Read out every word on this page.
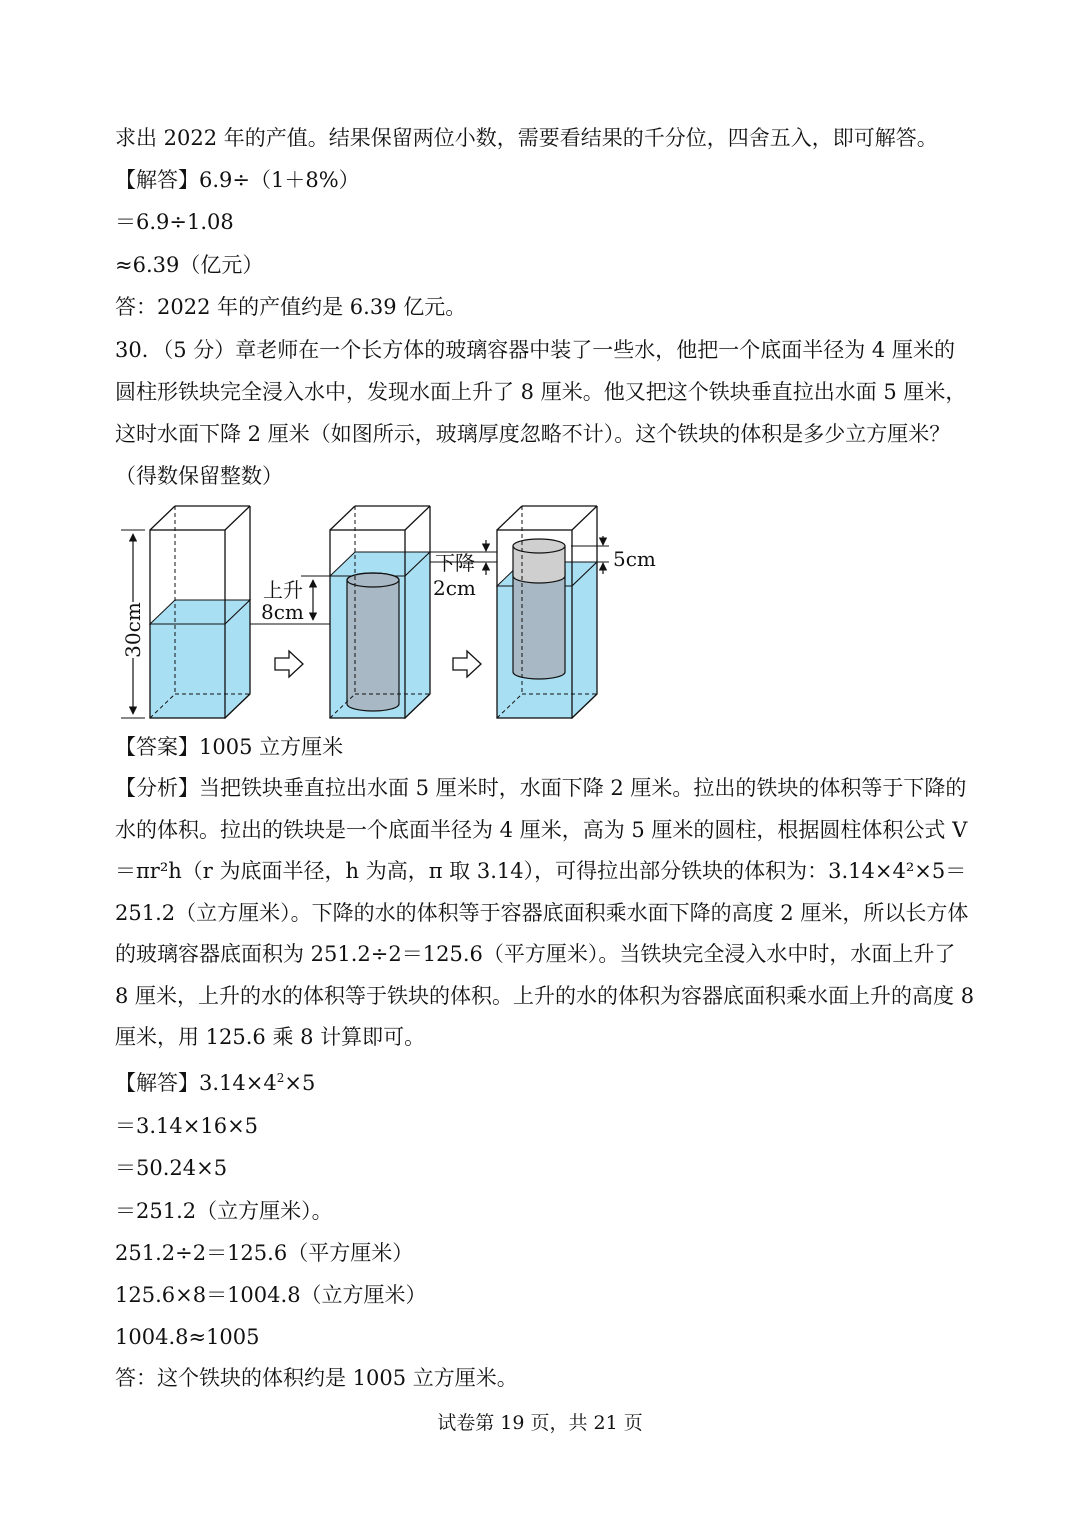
求出 2022 年的产值。结果保留两位小数，需要看结果的千分位，四舍五入，即可解答。
【解答】6.9÷（1＋8%）
＝6.9÷1.08
≈6.39（亿元）
答：2022 年的产值约是 6.39 亿元。
30．（5 分）章老师在一个长方体的玻璃容器中装了一些水，他把一个底面半径为 4 厘米的
圆柱形铁块完全浸入水中，发现水面上升了 8 厘米。他又把这个铁块垂直拉出水面 5 厘米，
这时水面下降 2 厘米（如图所示，玻璃厚度忽略不计）。这个铁块的体积是多少立方厘米？
（得数保留整数）
30cm
上升
8cm
下降
2cm
5cm
【答案】1005 立方厘米

【分析】当把铁块垂直拉出水面 5 厘米时，水面下降 2 厘米。拉出的铁块的体积等于下降的水的体积。拉出的铁块是一个底面半径为 4 厘米，高为 5 厘米的圆柱，根据圆柱体积公式 V＝πr²h（r 为底面半径，h 为高，π 取 3.14），可得拉出部分铁块的体积为：3.14×4²×5＝251.2（立方厘米）。下降的水的体积等于容器底面积乘水面下降的高度 2 厘米，所以长方体的玻璃容器底面积为 251.2÷2＝125.6（平方厘米）。当铁块完全浸入水中时，水面上升了 8 厘米，上升的水的体积等于铁块的体积。上升的水的体积为容器底面积乘水面上升的高度 8 厘米，用 125.6 乘 8 计算即可。

【解答】$3.14\times 4^2\times 5$
＝3.14×16×5
＝50.24×5
＝251.2（立方厘米）。
251.2÷2＝125.6（平方厘米）
125.6×8＝1004.8（立方厘米）
1004.8≈1005
答：这个铁块的体积约是 1005 立方厘米。
试卷第 19 页，共 21 页
